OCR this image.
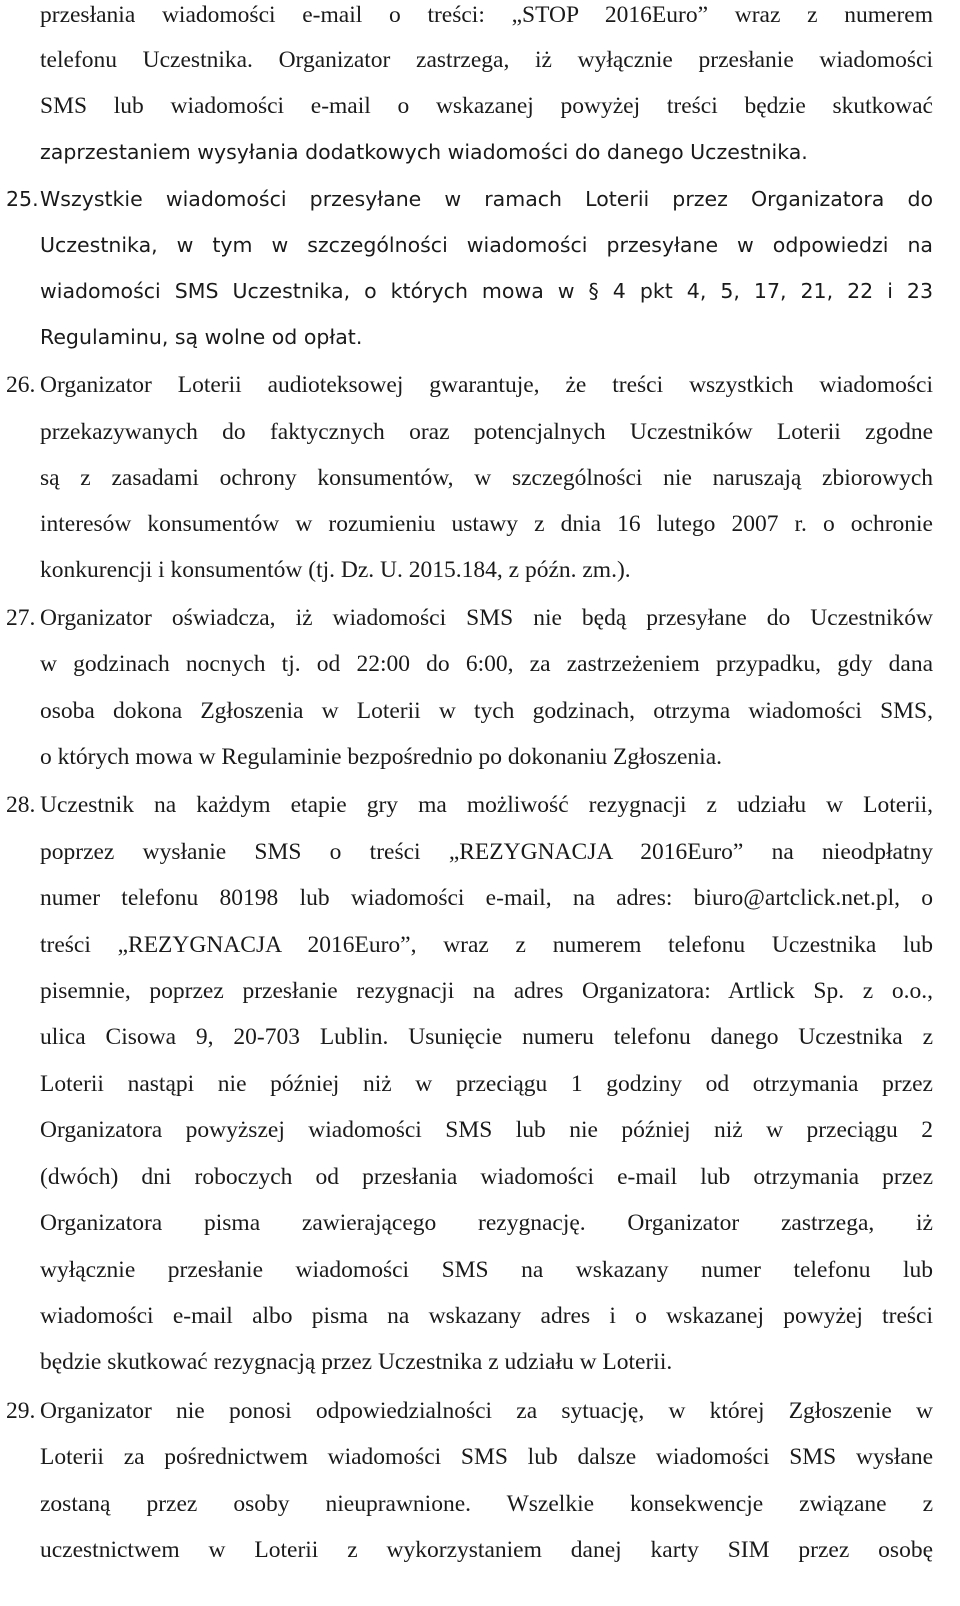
przesłania wiadomości e-mail o treści: „STOP 2016Euro” wraz z numerem
telefonu Uczestnika. Organizator zastrzega, iż wyłącznie przesłanie wiadomości
SMS lub wiadomości e-mail o wskazanej powyżej treści będzie skutkować
zaprzestaniem wysyłania dodatkowych wiadomości do danego Uczestnika.
25. Wszystkie wiadomości przesyłane w ramach Loterii przez Organizatora do
Uczestnika, w tym w szczególności wiadomości przesyłane w odpowiedzi na
wiadomości SMS Uczestnika, o których mowa w § 4 pkt 4, 5, 17, 21, 22 i 23
Regulaminu, są wolne od opłat.
26. Organizator Loterii audioteksowej gwarantuje, że treści wszystkich wiadomości
przekazywanych do faktycznych oraz potencjalnych Uczestników Loterii zgodne
są z zasadami ochrony konsumentów, w szczególności nie naruszają zbiorowych
interesów konsumentów w rozumieniu ustawy z dnia 16 lutego 2007 r. o ochronie
konkurencji i konsumentów (tj. Dz. U. 2015.184, z późn. zm.).
27. Organizator oświadcza, iż wiadomości SMS nie będą przesyłane do Uczestników
w godzinach nocnych tj. od 22:00 do 6:00, za zastrzeżeniem przypadku, gdy dana
osoba dokona Zgłoszenia w Loterii w tych godzinach, otrzyma wiadomości SMS,
o których mowa w Regulaminie bezpośrednio po dokonaniu Zgłoszenia.
28. Uczestnik na każdym etapie gry ma możliwość rezygnacji z udziału w Loterii,
poprzez wysłanie SMS o treści „REZYGNACJA 2016Euro” na nieodpłatny
numer telefonu 80198 lub wiadomości e-mail, na adres: biuro@artclick.net.pl, o
treści „REZYGNACJA 2016Euro”, wraz z numerem telefonu Uczestnika lub
pisemnie, poprzez przesłanie rezygnacji na adres Organizatora: Artlick Sp. z o.o.,
ulica Cisowa 9, 20-703 Lublin. Usunięcie numeru telefonu danego Uczestnika z
Loterii nastąpi nie później niż w przeciągu 1 godziny od otrzymania przez
Organizatora powyższej wiadomości SMS lub nie później niż w przeciągu 2
(dwóch) dni roboczych od przesłania wiadomości e-mail lub otrzymania przez
Organizatora pisma zawierającego rezygnację. Organizator zastrzega, iż
wyłącznie przesłanie wiadomości SMS na wskazany numer telefonu lub
wiadomości e-mail albo pisma na wskazany adres i o wskazanej powyżej treści
będzie skutkować rezygnacją przez Uczestnika z udziału w Loterii.
29. Organizator nie ponosi odpowiedzialności za sytuację, w której Zgłoszenie w
Loterii za pośrednictwem wiadomości SMS lub dalsze wiadomości SMS wysłane
zostaną przez osoby nieuprawnione. Wszelkie konsekwencje związane z
uczestnictwem w Loterii z wykorzystaniem danej karty SIM przez osobę
